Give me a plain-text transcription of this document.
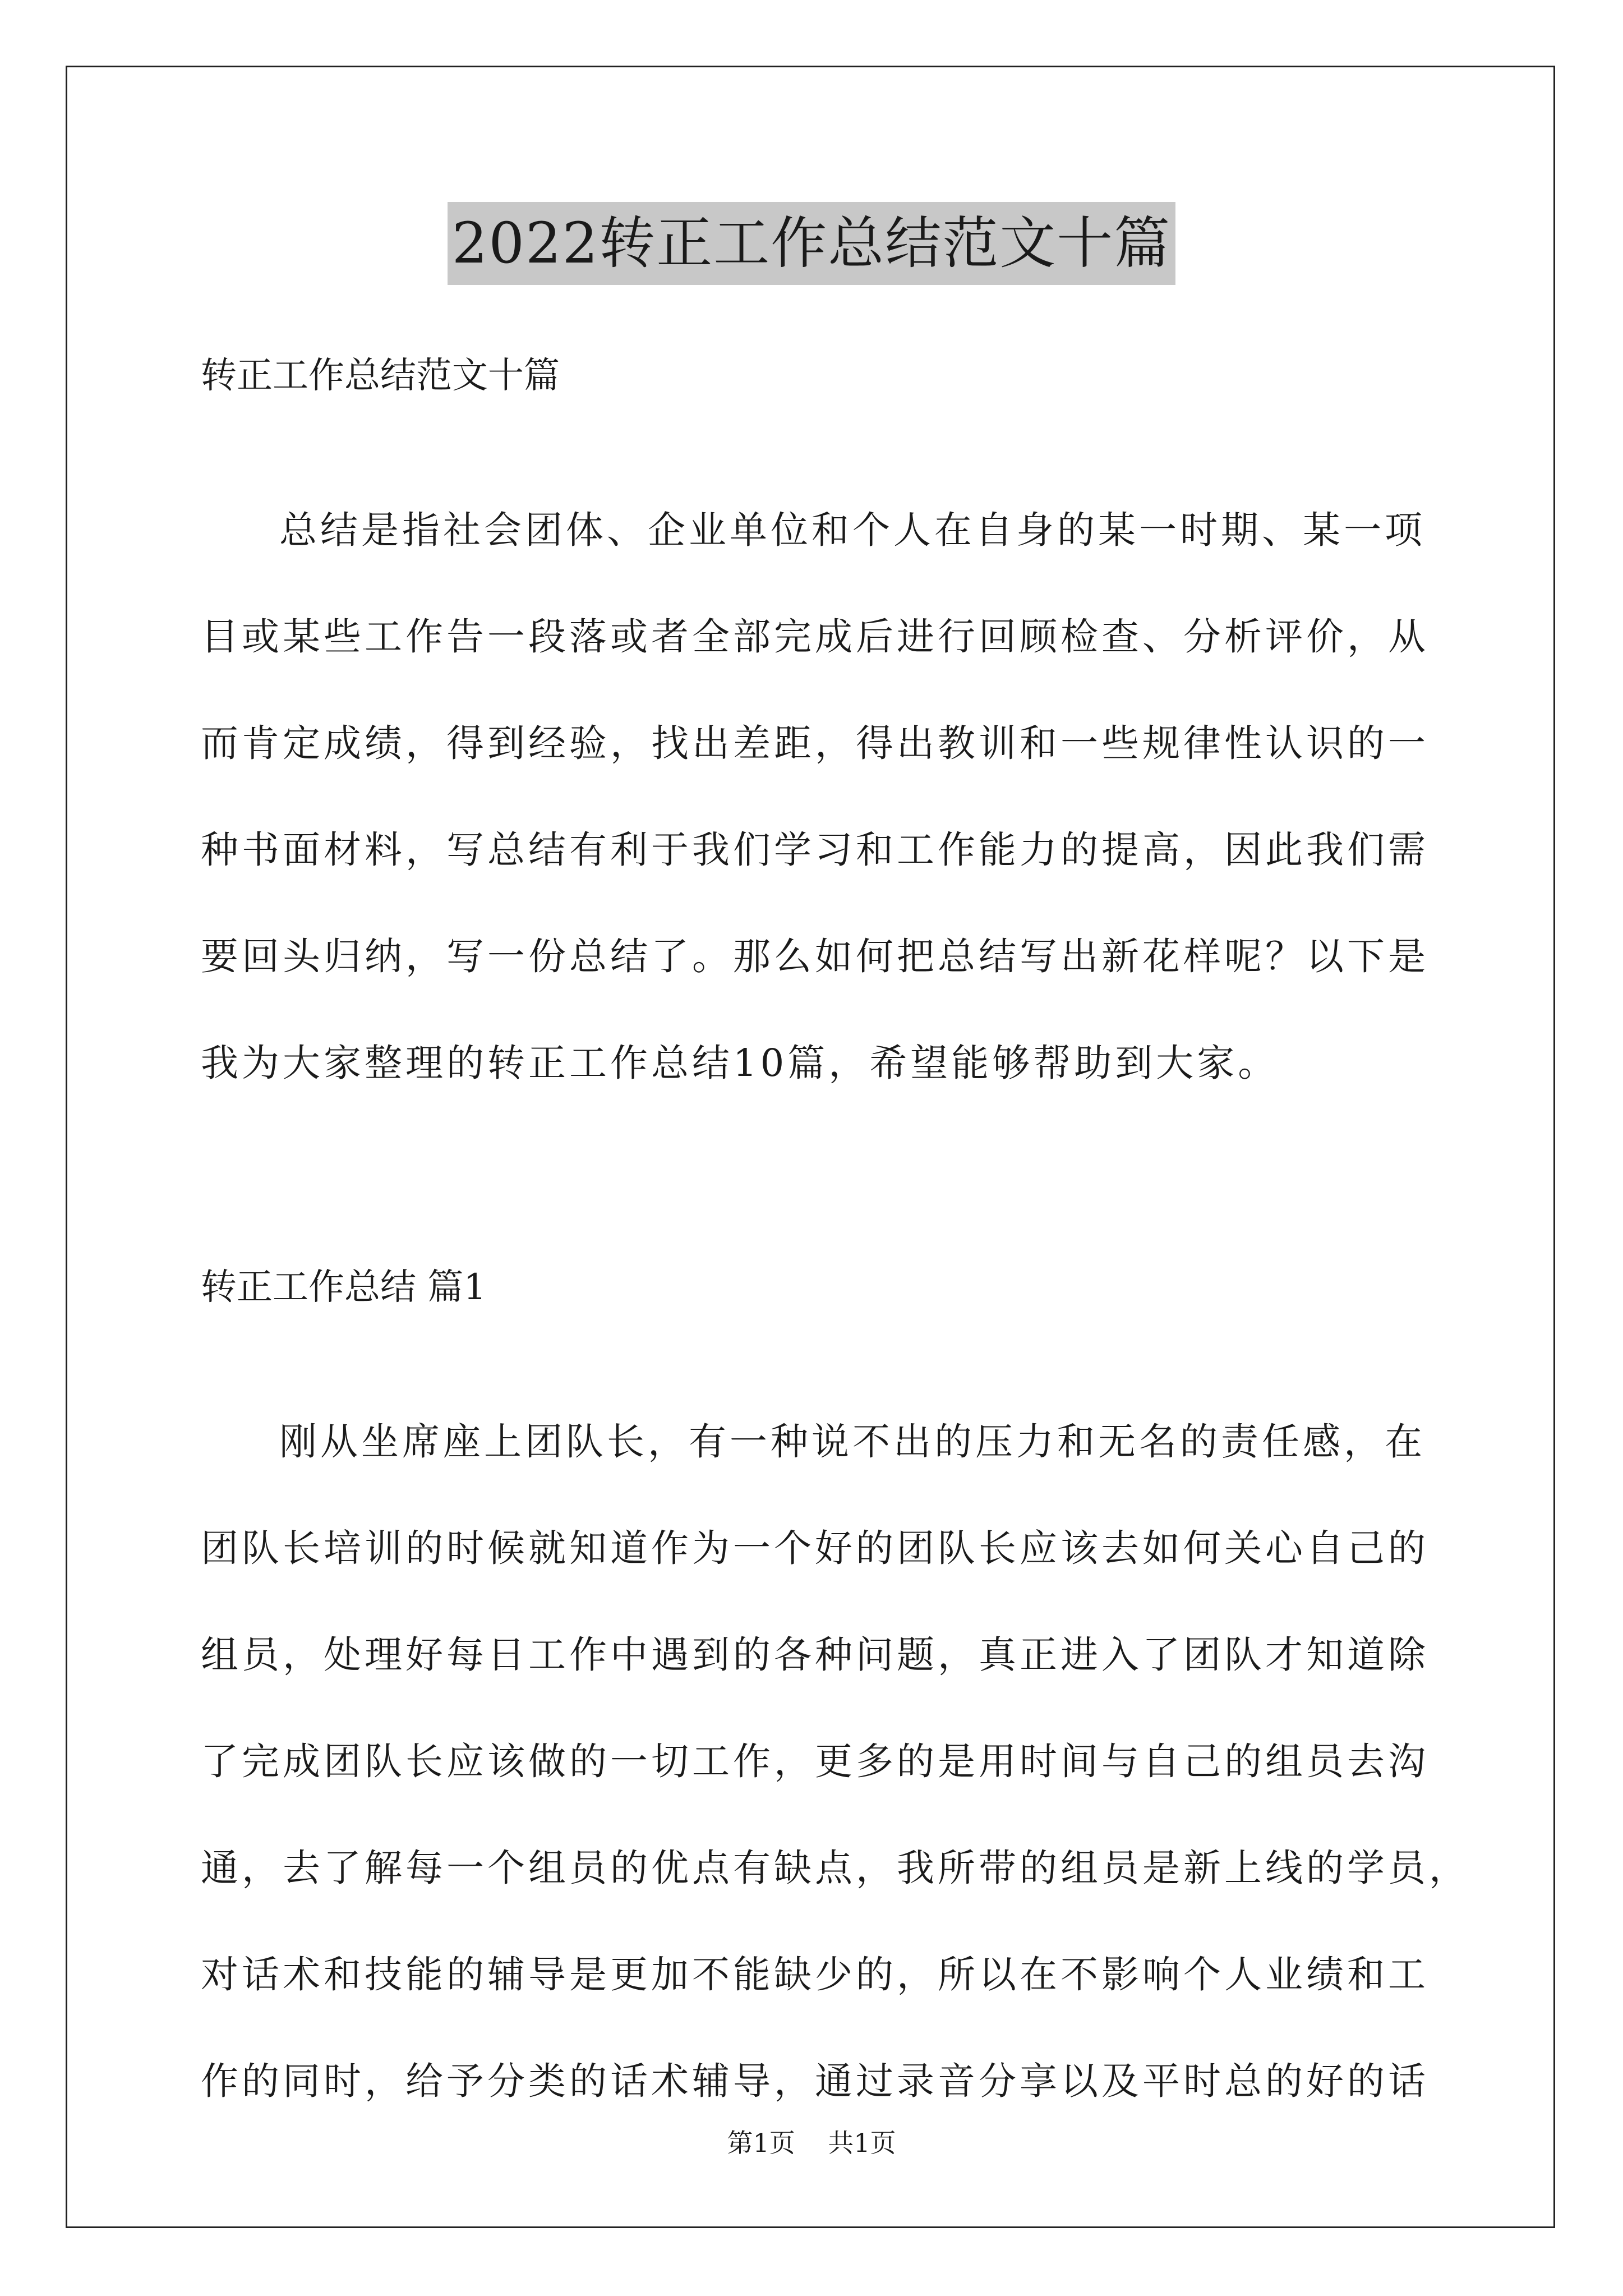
2022转正工作总结范文十篇

转正工作总结范文十篇

总结是指社会团体、企业单位和个人在自身的某一时期、某一项

目或某些工作告一段落或者全部完成后进行回顾检查、分析评价，从

而肯定成绩，得到经验，找出差距，得出教训和一些规律性认识的一

种书面材料，写总结有利于我们学习和工作能力的提高，因此我们需

要回头归纳，写一份总结了。那么如何把总结写出新花样呢？以下是

我为大家整理的转正工作总结10篇，希望能够帮助到大家。

转正工作总结 篇1

刚从坐席座上团队长，有一种说不出的压力和无名的责任感，在

团队长培训的时候就知道作为一个好的团队长应该去如何关心自己的

组员，处理好每日工作中遇到的各种问题，真正进入了团队才知道除

了完成团队长应该做的一切工作，更多的是用时间与自己的组员去沟

通，去了解每一个组员的优点有缺点，我所带的组员是新上线的学员，

对话术和技能的辅导是更加不能缺少的，所以在不影响个人业绩和工

作的同时，给予分类的话术辅导，通过录音分享以及平时总的好的话

第1页    共1页
